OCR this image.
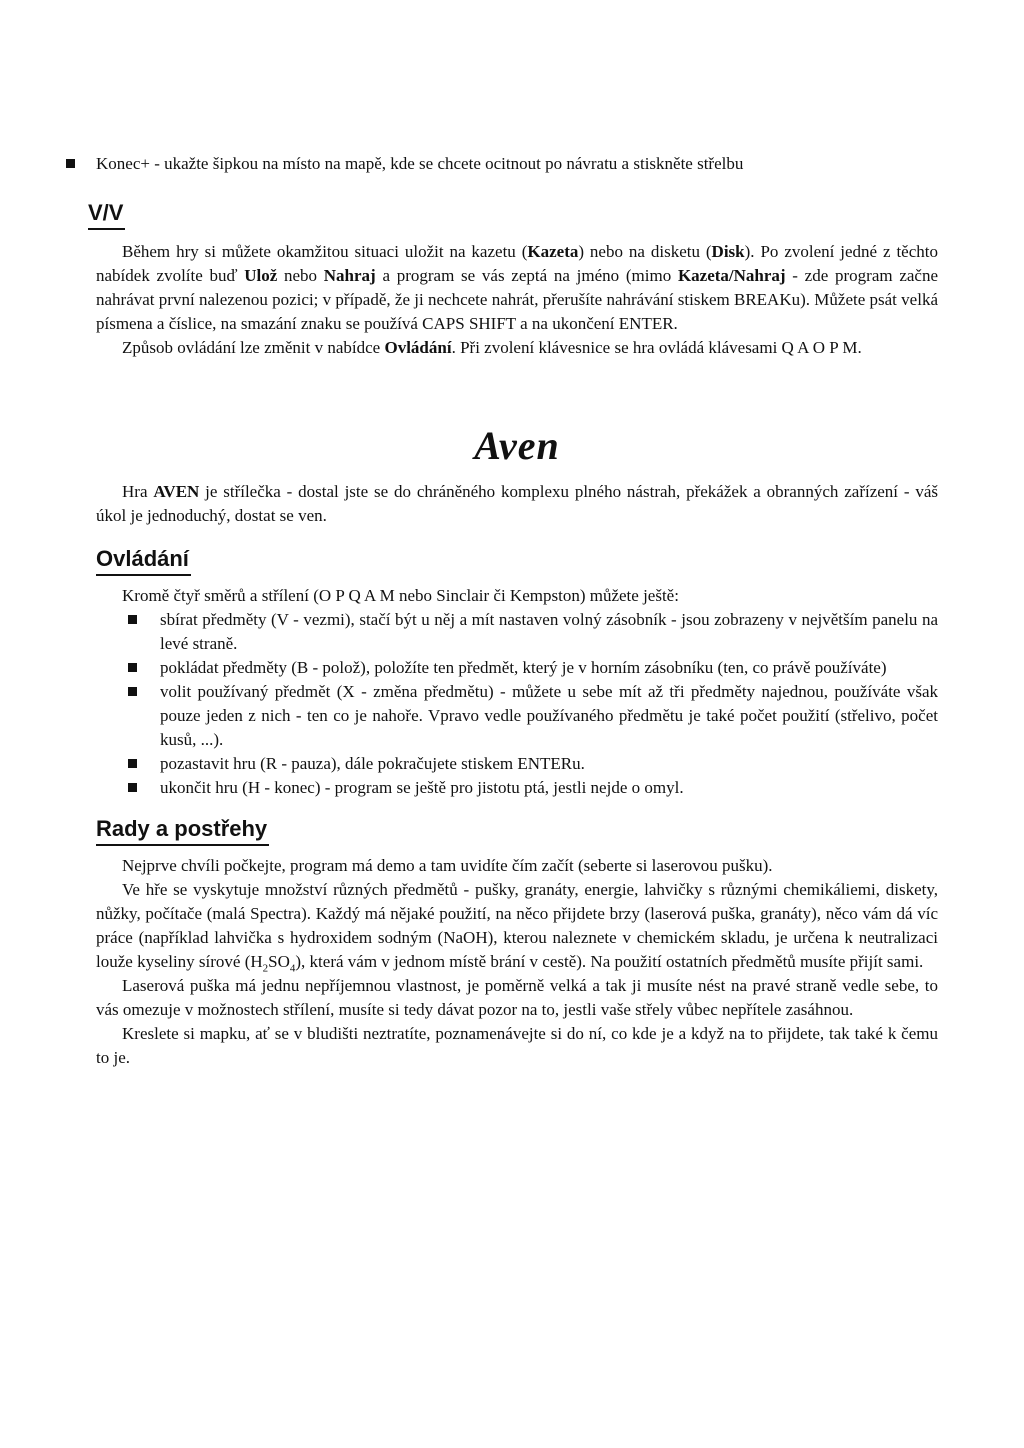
Konec+ - ukažte šipkou na místo na mapě, kde se chcete ocitnout po návratu a stiskněte střelbu
V/V

Během hry si můžete okamžitou situaci uložit na kazetu (Kazeta) nebo na disketu (Disk). Po zvolení jedné z těchto nabídek zvolíte buď Ulož nebo Nahraj a program se vás zeptá na jméno (mimo Kazeta/Nahraj - zde program začne nahrávat první nalezenou pozici; v případě, že ji nechcete nahrát, přerušíte nahrávání stiskem BREAKu). Můžete psát velká písmena a číslice, na smazání znaku se používá CAPS SHIFT a na ukončení ENTER.

Způsob ovládání lze změnit v nabídce Ovládání. Při zvolení klávesnice se hra ovládá klávesami Q A O P M.

Aven

Hra AVEN je střílečka - dostal jste se do chráněného komplexu plného nástrah, překážek a obranných zařízení - váš úkol je jednoduchý, dostat se ven.

Ovládání

Kromě čtyř směrů a střílení (O P Q A M nebo Sinclair či Kempston) můžete ještě:

sbírat předměty (V - vezmi), stačí být u něj a mít nastaven volný zásobník - jsou zobrazeny v největším panelu na levé straně.
pokládat předměty (B - polož), položíte ten předmět, který je v horním zásobníku (ten, co právě používáte)
volit používaný předmět (X - změna předmětu) - můžete u sebe mít až tři předměty najednou, používáte však pouze jeden z nich - ten co je nahoře. Vpravo vedle používaného předmětu je také počet použití (střelivo, počet kusů, ...).
pozastavit hru (R - pauza), dále pokračujete stiskem ENTERu.
ukončit hru (H - konec) - program se ještě pro jistotu ptá, jestli nejde o omyl.
Rady a postřehy

Nejprve chvíli počkejte, program má demo a tam uvidíte čím začít (seberte si laserovou pušku).

Ve hře se vyskytuje množství různých předmětů - pušky, granáty, energie, lahvičky s různými chemikáliemi, diskety, nůžky, počítače (malá Spectra). Každý má nějaké použití, na něco přijdete brzy (laserová puška, granáty), něco vám dá víc práce (například lahvička s hydroxidem sodným (NaOH), kterou naleznete v chemickém skladu, je určena k neutralizaci louže kyseliny sírové $(H_2SO_4)$, která vám v jednom místě brání v cestě). Na použití ostatních předmětů musíte přijít sami.

Laserová puška má jednu nepříjemnou vlastnost, je poměrně velká a tak ji musíte nést na pravé straně vedle sebe, to vás omezuje v možnostech střílení, musíte si tedy dávat pozor na to, jestli vaše střely vůbec nepřítele zasáhnou.

Kreslete si mapku, ať se v bludišti neztratíte, poznamenávejte si do ní, co kde je a když na to přijdete, tak také k čemu to je.
